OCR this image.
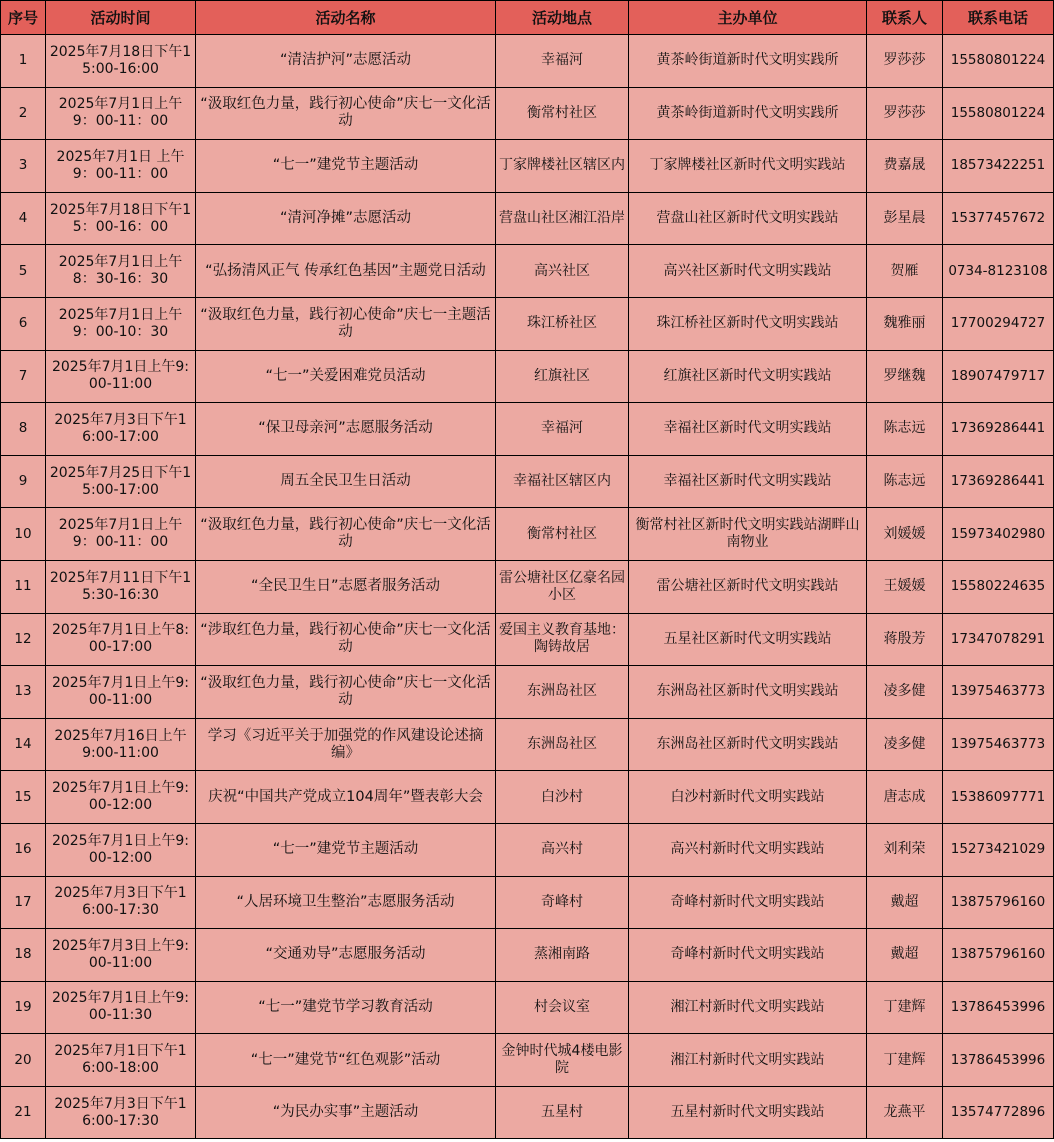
序号	活动时间	活动名称	活动地点	主办单位	联系人	联系电话
1	2025年7月18日下午15:00-16:00	“清洁护河”志愿活动	幸福河	黄茶岭街道新时代文明实践所	罗莎莎	15580801224
2	2025年7月1日上午9：00-11：00	“汲取红色力量，践行初心使命”庆七一文化活动	衡常村社区	黄茶岭街道新时代文明实践所	罗莎莎	15580801224
3	2025年7月1日 上午9：00-11：00	“七一”建党节主题活动	丁家牌楼社区辖区内	丁家牌楼社区新时代文明实践站	费嘉晟	18573422251
4	2025年7月18日下午15：00-16：00	“清河净摊”志愿活动	营盘山社区湘江沿岸	营盘山社区新时代文明实践站	彭星晨	15377457672
5	2025年7月1日上午8：30-16：30	“弘扬清风正气 传承红色基因”主题党日活动	高兴社区	高兴社区新时代文明实践站	贺雁	0734-8123108
6	2025年7月1日上午9：00-10：30	“汲取红色力量，践行初心使命”庆七一主题活动	珠江桥社区	珠江桥社区新时代文明实践站	魏雅丽	17700294727
7	2025年7月1日上午9:00-11:00	“七一”关爱困难党员活动	红旗社区	红旗社区新时代文明实践站	罗继魏	18907479717
8	2025年7月3日下午16:00-17:00	“保卫母亲河”志愿服务活动	幸福河	幸福社区新时代文明实践站	陈志远	17369286441
9	2025年7月25日下午15:00-17:00	周五全民卫生日活动	幸福社区辖区内	幸福社区新时代文明实践站	陈志远	17369286441
10	2025年7月1日上午9：00-11：00	“汲取红色力量，践行初心使命”庆七一文化活动	衡常村社区	衡常村社区新时代文明实践站湖畔山南物业	刘媛媛	15973402980
11	2025年7月11日下午15:30-16:30	“全民卫生日”志愿者服务活动	雷公塘社区亿豪名园小区	雷公塘社区新时代文明实践站	王媛媛	15580224635
12	2025年7月1日上午8:00-17:00	“涉取红色力量，践行初心使命”庆七一文化活动	爱国主义教育基地：陶铸故居	五星社区新时代文明实践站	蒋殷芳	17347078291
13	2025年7月1日上午9:00-11:00	“汲取红色力量，践行初心使命”庆七一文化活动	东洲岛社区	东洲岛社区新时代文明实践站	凌多健	13975463773
14	2025年7月16日上午9:00-11:00	学习《习近平关于加强党的作风建设论述摘编》	东洲岛社区	东洲岛社区新时代文明实践站	凌多健	13975463773
15	2025年7月1日上午9:00-12:00	庆祝“中国共产党成立104周年”暨表彰大会	白沙村	白沙村新时代文明实践站	唐志成	15386097771
16	2025年7月1日上午9:00-12:00	“七一”建党节主题活动	高兴村	高兴村新时代文明实践站	刘利荣	15273421029
17	2025年7月3日下午16:00-17:30	“人居环境卫生整治”志愿服务活动	奇峰村	奇峰村新时代文明实践站	戴超	13875796160
18	2025年7月3日上午9:00-11:00	“交通劝导”志愿服务活动	蒸湘南路	奇峰村新时代文明实践站	戴超	13875796160
19	2025年7月1日上午9:00-11:30	“七一”建党节学习教育活动	村会议室	湘江村新时代文明实践站	丁建辉	13786453996
20	2025年7月1日下午16:00-18:00	“七一”建党节“红色观影”活动	金钟时代城4楼电影院	湘江村新时代文明实践站	丁建辉	13786453996
21	2025年7月3日下午16:00-17:30	“为民办实事”主题活动	五星村	五星村新时代文明实践站	龙燕平	13574772896
